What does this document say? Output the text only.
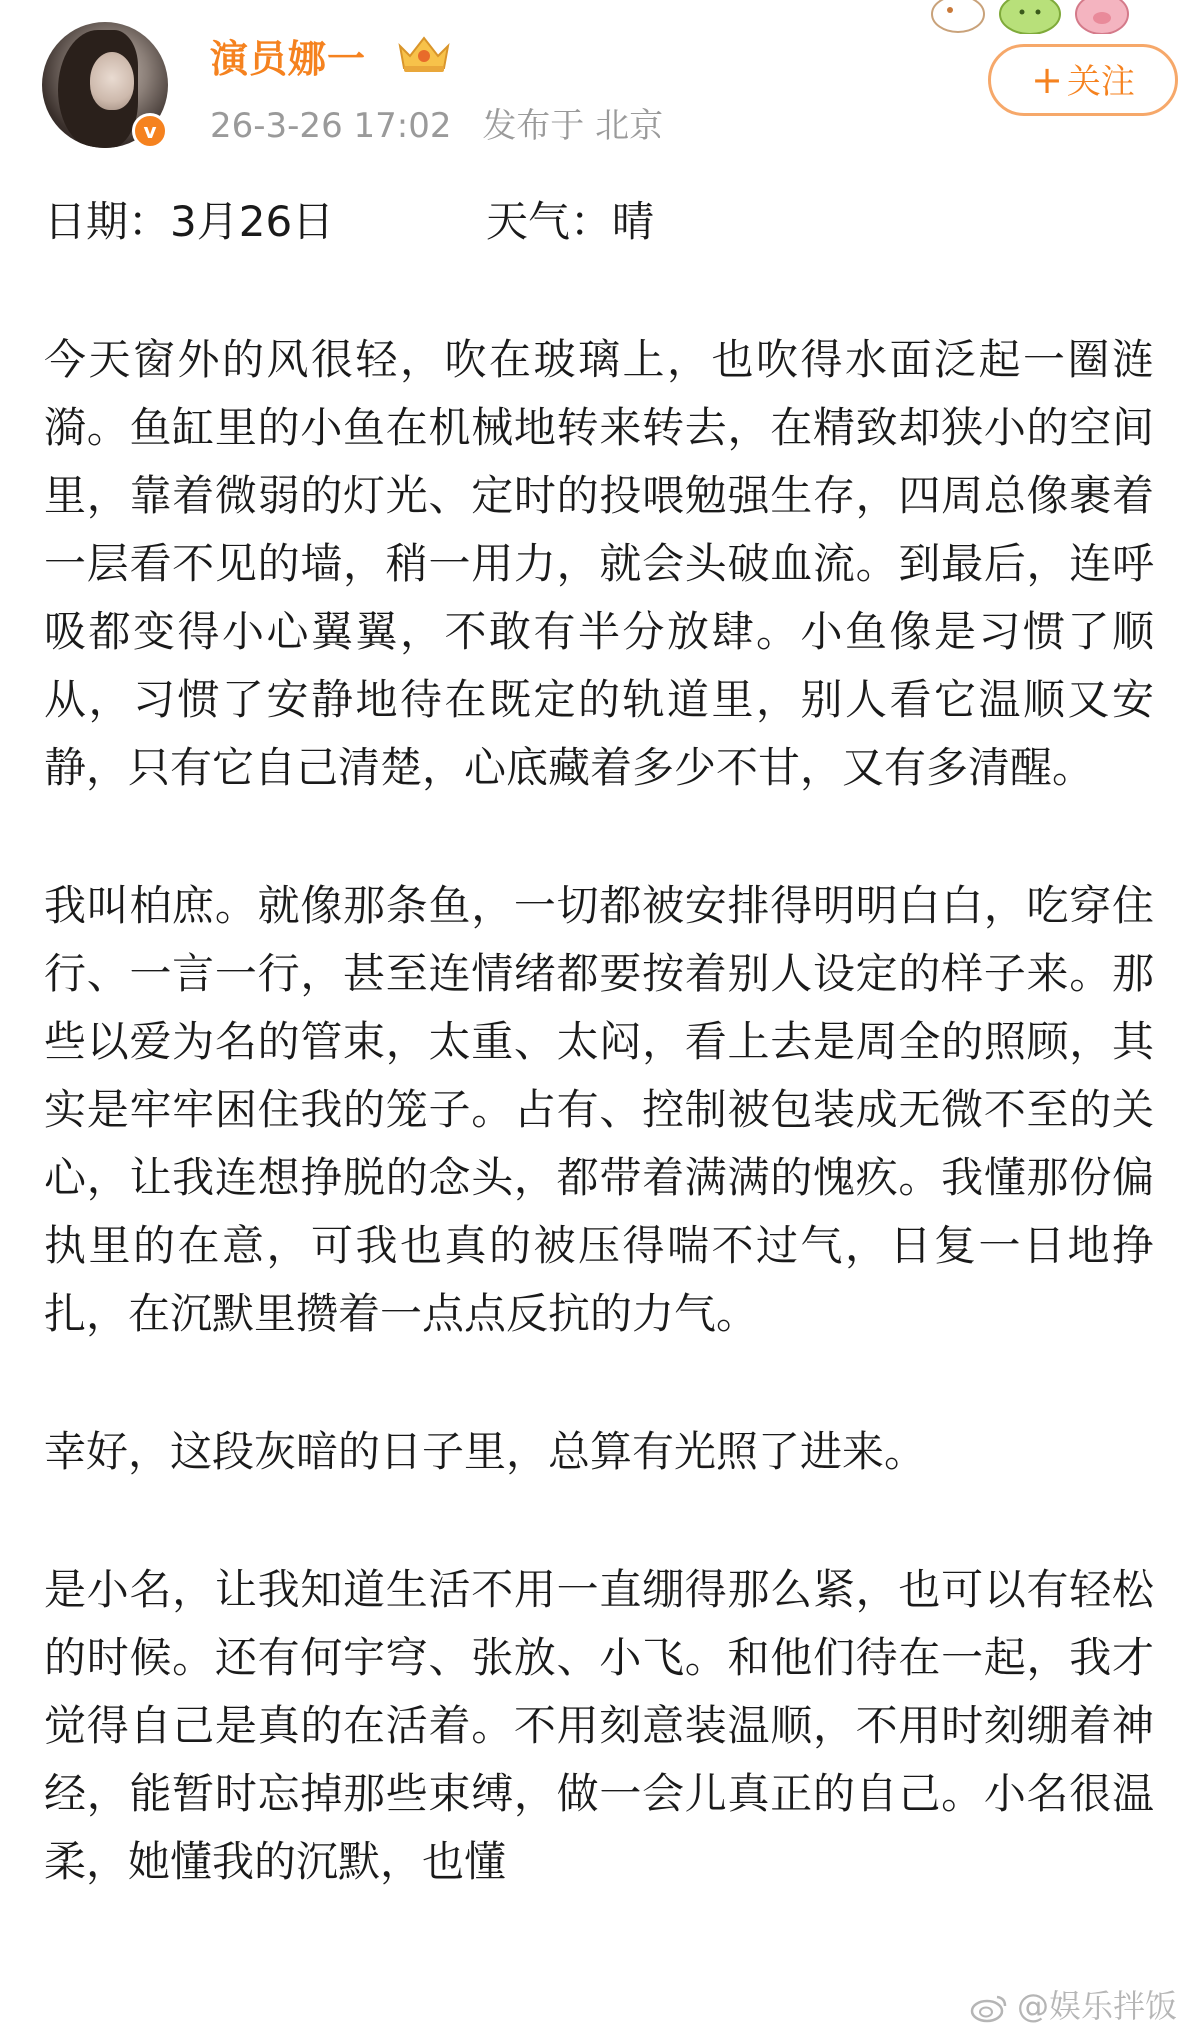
v
演员娜一
26-3-26 17:02 发布于 北京
+ 关注
日期：3月26日	天气：晴

今天窗外的风很轻，吹在玻璃上，也吹得水面泛起一圈涟漪。鱼缸里的小鱼在机械地转来转去，在精致却狭小的空间里，靠着微弱的灯光、定时的投喂勉强生存，四周总像裹着一层看不见的墙，稍一用力，就会头破血流。到最后，连呼吸都变得小心翼翼，不敢有半分放肆。小鱼像是习惯了顺从，习惯了安静地待在既定的轨道里，别人看它温顺又安静，只有它自己清楚，心底藏着多少不甘，又有多清醒。

我叫柏庶。就像那条鱼，一切都被安排得明明白白，吃穿住行、一言一行，甚至连情绪都要按着别人设定的样子来。那些以爱为名的管束，太重、太闷，看上去是周全的照顾，其实是牢牢困住我的笼子。占有、控制被包装成无微不至的关心，让我连想挣脱的念头，都带着满满的愧疚。我懂那份偏执里的在意，可我也真的被压得喘不过气，日复一日地挣扎，在沉默里攒着一点点反抗的力气。

幸好，这段灰暗的日子里，总算有光照了进来。

是小名，让我知道生活不用一直绷得那么紧，也可以有轻松的时候。还有何宇穹、张放、小飞。和他们待在一起，我才觉得自己是真的在活着。不用刻意装温顺，不用时刻绷着神经，能暂时忘掉那些束缚，做一会儿真正的自己。小名很温柔，她懂我的沉默，也懂

@娱乐拌饭
